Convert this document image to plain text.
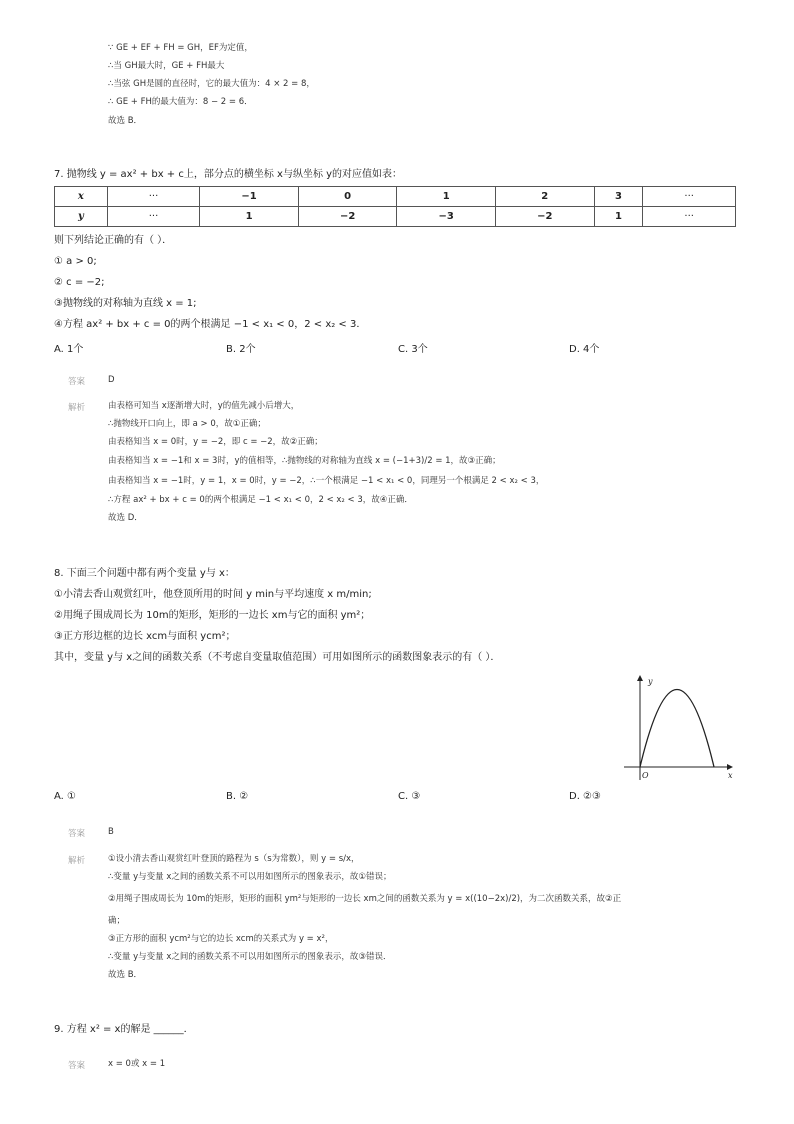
∵ GE + EF + FH = GH，EF为定值，
∴当 GH最大时，GE + FH最大
∴当弦 GH是圆的直径时，它的最大值为：4 × 2 = 8，
∴ GE + FH的最大值为：8 − 2 = 6．
故选 B．
7. 抛物线 y = ax² + bx + c上，部分点的横坐标 x与纵坐标 y的对应值如表：
x	···	−1	0	1	2	3	···
y	···	1	−2	−3	−2	1	···
则下列结论正确的有（ ）．
① a > 0;
② c = −2;
③抛物线的对称轴为直线 x = 1;
④方程 ax² + bx + c = 0的两个根满足 −1 < x₁ < 0，2 < x₂ < 3．
A. 1个	B. 2个	C. 3个	D. 4个
答案	D
解析	由表格可知当 x逐渐增大时，y的值先减小后增大，
∴抛物线开口向上，即 a > 0，故①正确；
由表格知当 x = 0时，y = −2，即 c = −2，故②正确；
由表格知当 x = −1和 x = 3时，y的值相等，∴抛物线的对称轴为直线 x = (−1+3)/2 = 1，故③正确；
由表格知当 x = −1时，y = 1，x = 0时，y = −2，∴一个根满足 −1 < x₁ < 0，同理另一个根满足 2 < x₂ < 3，
∴方程 ax² + bx + c = 0的两个根满足 −1 < x₁ < 0，2 < x₂ < 3，故④正确．
故选 D．
8. 下面三个问题中都有两个变量 y与 x：
①小清去香山观赏红叶，他登顶所用的时间 y min与平均速度 x m/min;
②用绳子围成周长为 10m的矩形，矩形的一边长 xm与它的面积 ym²；
③正方形边框的边长 xcm与面积 ycm²；
其中，变量 y与 x之间的函数关系（不考虑自变量取值范围）可用如图所示的函数图象表示的有（ ）．
y
x
O
A. ①	B. ②	C. ③	D. ②③
答案	B
解析	①设小清去香山观赏红叶登顶的路程为 s（s为常数），则 y = s/x，
∴变量 y与变量 x之间的函数关系不可以用如图所示的图象表示，故①错误；
②用绳子围成周长为 10m的矩形，矩形的面积 ym²与矩形的一边长 xm之间的函数关系为 y = x((10−2x)/2)，为二次函数关系，故②正
确；
③正方形的面积 ycm²与它的边长 xcm的关系式为 y = x²，
∴变量 y与变量 x之间的函数关系不可以用如图所示的图象表示，故③错误．
故选 B．
9. 方程 x² = x的解是 ______．
答案	x = 0或 x = 1
